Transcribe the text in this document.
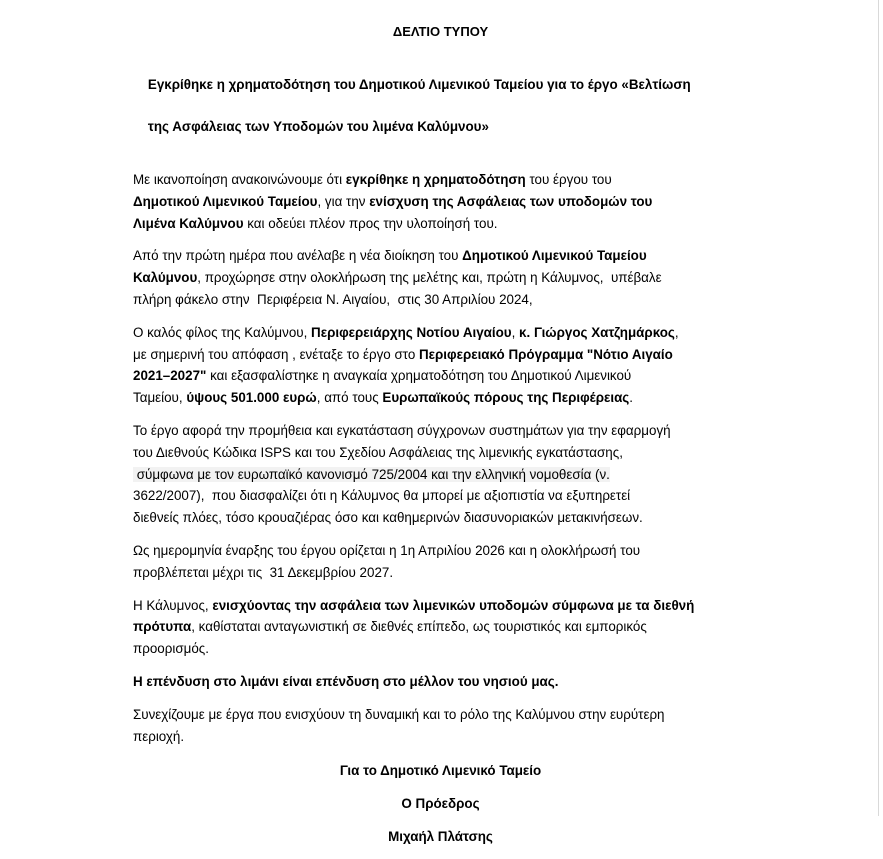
ΔΕΛΤΙΟ ΤΥΠΟΥ

Εγκρίθηκε η χρηματοδότηση του Δημοτικού Λιμενικού Ταμείου για το έργο «Βελτίωση

της Ασφάλειας των Υποδομών του λιμένα Καλύμνου»

Με ικανοποίηση ανακοινώνουμε ότι εγκρίθηκε η χρηματοδότηση του έργου του
Δημοτικού Λιμενικού Ταμείου, για την ενίσχυση της Ασφάλειας των υποδομών του
Λιμένα Καλύμνου και οδεύει πλέον προς την υλοποίησή του.
Από την πρώτη ημέρα που ανέλαβε η νέα διοίκηση του Δημοτικού Λιμενικού Ταμείου
Καλύμνου, προχώρησε στην ολοκλήρωση της μελέτης και, πρώτη η Κάλυμνος,  υπέβαλε
πλήρη φάκελο στην  Περιφέρεια Ν. Αιγαίου,  στις 30 Απριλίου 2024,
Ο καλός φίλος της Καλύμνου, Περιφερειάρχης Νοτίου Αιγαίου, κ. Γιώργος Χατζημάρκος,
με σημερινή του απόφαση , ενέταξε το έργο στο Περιφερειακό Πρόγραμμα "Νότιο Αιγαίο
2021–2027" και εξασφαλίστηκε η αναγκαία χρηματοδότηση του Δημοτικού Λιμενικού
Ταμείου, ύψους 501.000 ευρώ, από τους Ευρωπαϊκούς πόρους της Περιφέρειας.
Το έργο αφορά την προμήθεια και εγκατάσταση σύγχρονων συστημάτων για την εφαρμογή
του Διεθνούς Κώδικα ISPS και του Σχεδίου Ασφάλειας της λιμενικής εγκατάστασης,
σύμφωνα με τον ευρωπαϊκό κανονισμό 725/2004 και την ελληνική νομοθεσία (ν.
3622/2007),  που διασφαλίζει ότι η Κάλυμνος θα μπορεί με αξιοπιστία να εξυπηρετεί
διεθνείς πλόες, τόσο κρουαζιέρας όσο και καθημερινών διασυνοριακών μετακινήσεων.
Ως ημερομηνία έναρξης του έργου ορίζεται η 1η Απριλίου 2026 και η ολοκλήρωσή του
προβλέπεται μέχρι τις  31 Δεκεμβρίου 2027.
Η Κάλυμνος, ενισχύοντας την ασφάλεια των λιμενικών υποδομών σύμφωνα με τα διεθνή
πρότυπα, καθίσταται ανταγωνιστική σε διεθνές επίπεδο, ως τουριστικός και εμπορικός
προορισμός.
Η επένδυση στο λιμάνι είναι επένδυση στο μέλλον του νησιού μας.
Συνεχίζουμε με έργα που ενισχύουν τη δυναμική και το ρόλο της Καλύμνου στην ευρύτερη
περιοχή.
Για το Δημοτικό Λιμενικό Ταμείο
Ο Πρόεδρος
Μιχαήλ Πλάτσης
